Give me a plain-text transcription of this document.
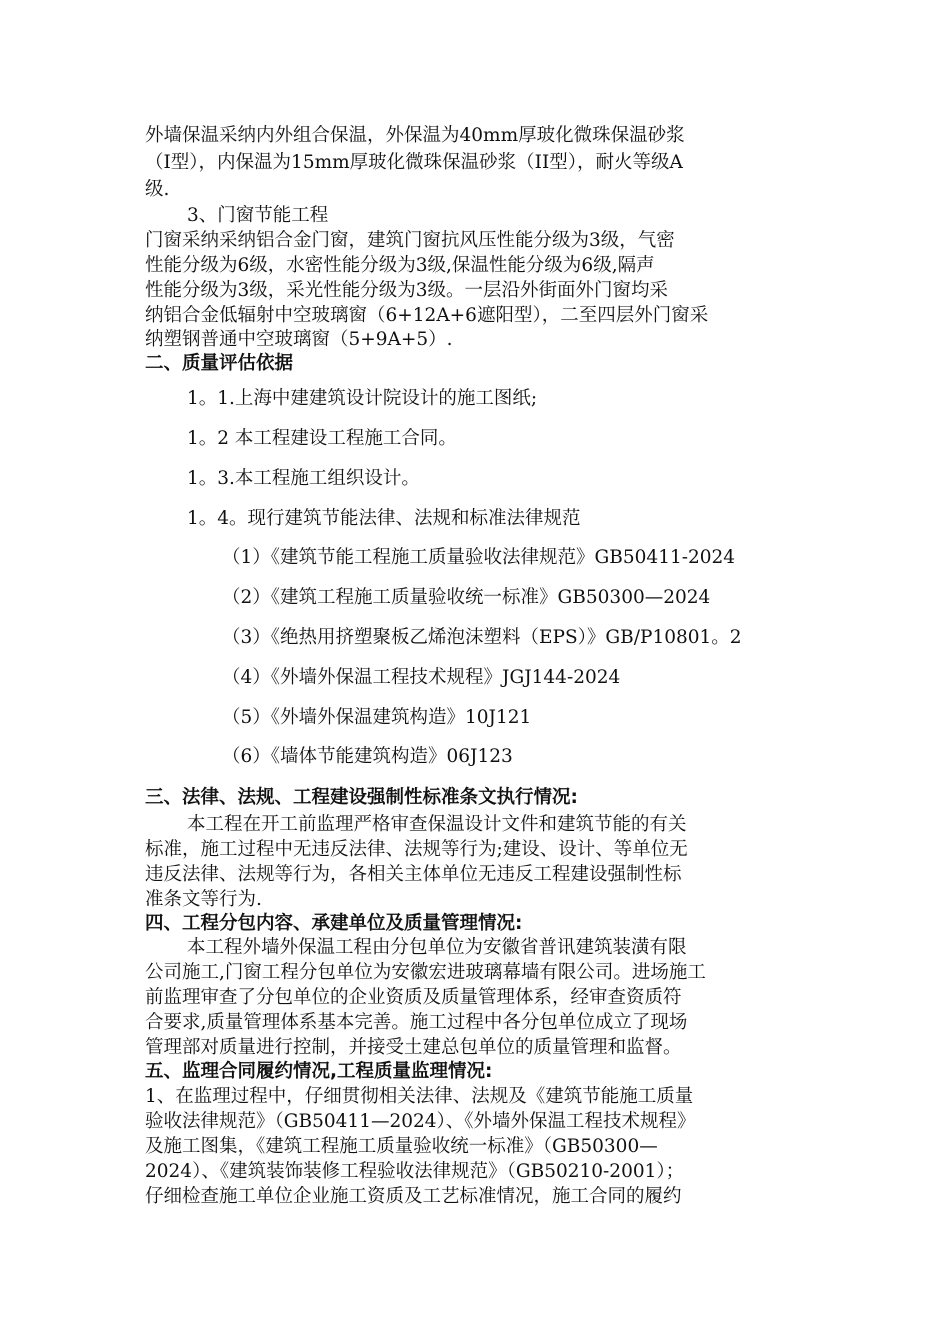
外墙保温采纳内外组合保温，外保温为40mm厚玻化微珠保温砂浆
（I型），内保温为15mm厚玻化微珠保温砂浆（II型），耐火等级A
级.
3、门窗节能工程
门窗采纳采纳铝合金门窗，建筑门窗抗风压性能分级为3级，气密
性能分级为6级，水密性能分级为3级,保温性能分级为6级,隔声
性能分级为3级，采光性能分级为3级。一层沿外街面外门窗均采
纳铝合金低辐射中空玻璃窗（6+12A+6遮阳型），二至四层外门窗采
纳塑钢普通中空玻璃窗（5+9A+5）.
二、质量评估依据
1。1.上海中建建筑设计院设计的施工图纸;
1。2 本工程建设工程施工合同。
1。3.本工程施工组织设计。
1。4。现行建筑节能法律、法规和标准法律规范
（1）《建筑节能工程施工质量验收法律规范》GB50411-2024
（2）《建筑工程施工质量验收统一标准》GB50300—2024
（3）《绝热用挤塑聚板乙烯泡沫塑料（EPS）》GB/P10801。2
（4）《外墙外保温工程技术规程》JGJ144-2024
（5）《外墙外保温建筑构造》10J121
（6）《墙体节能建筑构造》06J123
三、法律、法规、工程建设强制性标准条文执行情况:
本工程在开工前监理严格审查保温设计文件和建筑节能的有关
标准，施工过程中无违反法律、法规等行为;建设、设计、等单位无
违反法律、法规等行为，各相关主体单位无违反工程建设强制性标
准条文等行为.
四、工程分包内容、承建单位及质量管理情况:
本工程外墙外保温工程由分包单位为安徽省普讯建筑装潢有限
公司施工,门窗工程分包单位为安徽宏进玻璃幕墙有限公司。进场施工
前监理审查了分包单位的企业资质及质量管理体系，经审查资质符
合要求,质量管理体系基本完善。施工过程中各分包单位成立了现场
管理部对质量进行控制，并接受土建总包单位的质量管理和监督。
五、监理合同履约情况,工程质量监理情况:
1、在监理过程中，仔细贯彻相关法律、法规及《建筑节能施工质量
验收法律规范》（GB50411—2024）、《外墙外保温工程技术规程》
及施工图集，《建筑工程施工质量验收统一标准》（GB50300—
2024）、《建筑装饰装修工程验收法律规范》（GB50210-2001）；
仔细检查施工单位企业施工资质及工艺标准情况，施工合同的履约
